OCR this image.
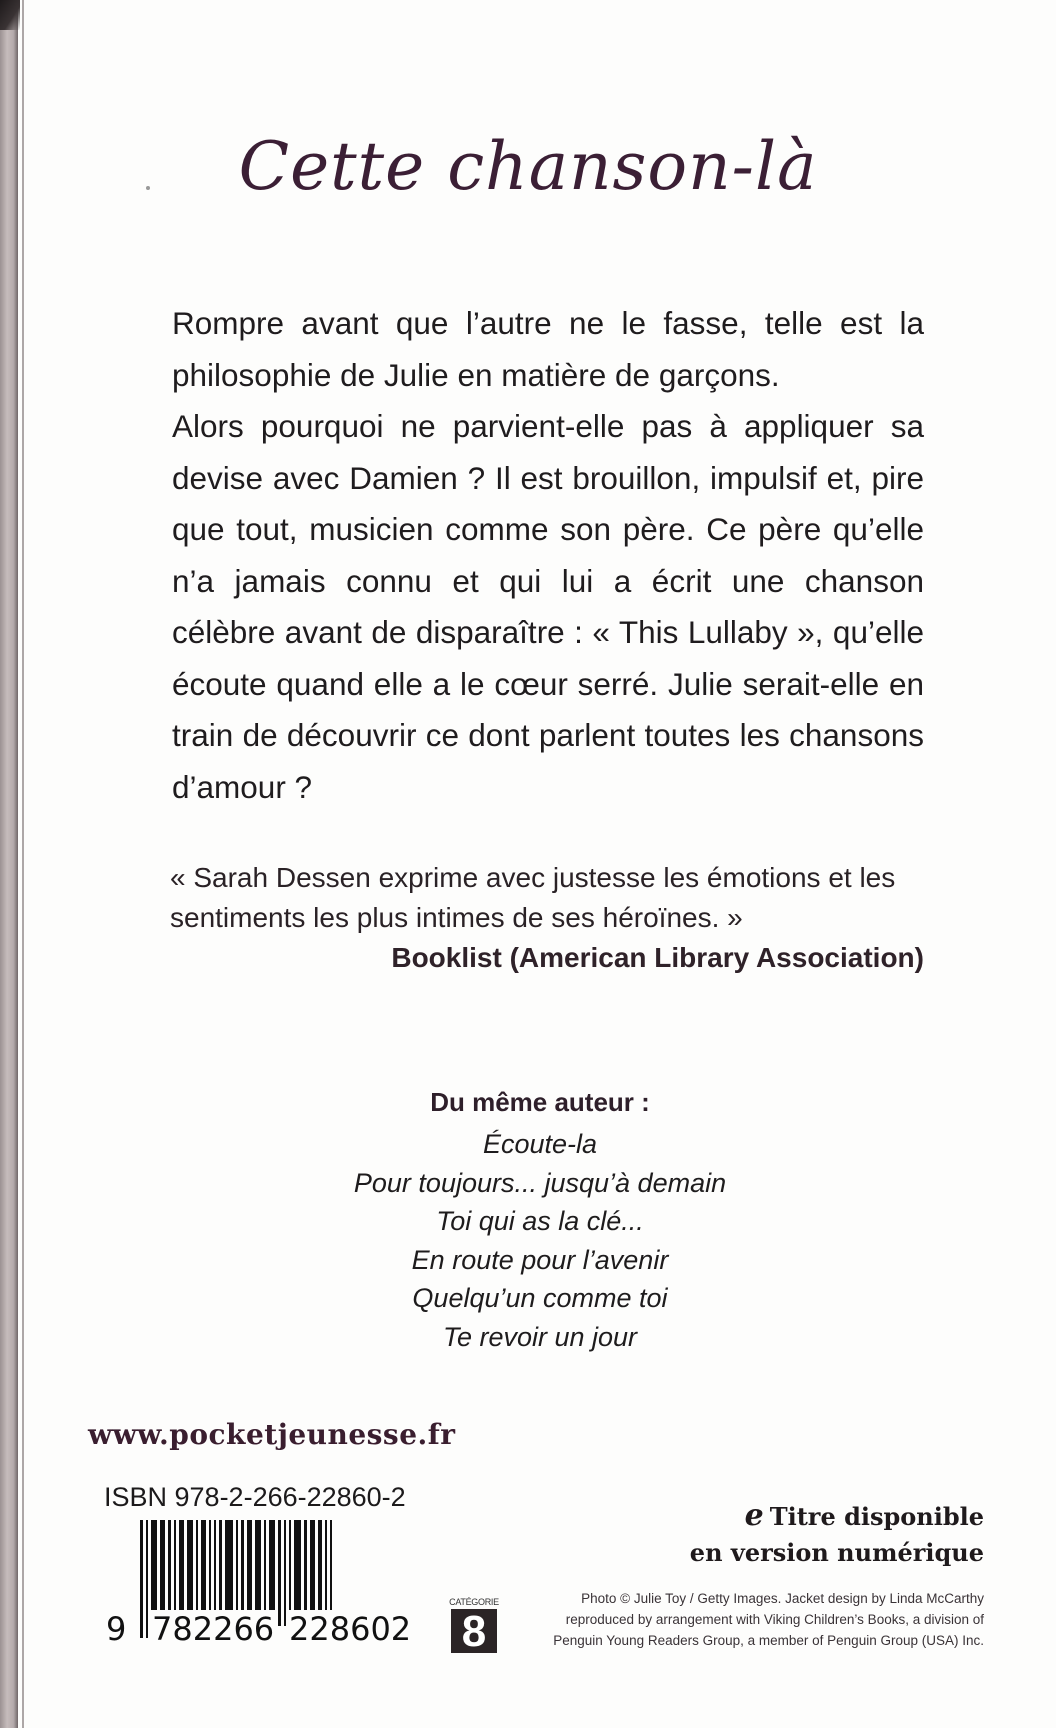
Cette chanson-là

Rompre avant que l’autre ne le fasse, telle est la philosophie de Julie en matière de garçons.

Alors pourquoi ne parvient-elle pas à appliquer sa devise avec Damien ? Il est brouillon, impulsif et, pire que tout, musicien comme son père. Ce père qu’elle n’a jamais connu et qui lui a écrit une chanson célèbre avant de disparaître : « This Lullaby », qu’elle écoute quand elle a le cœur serré. Julie serait-elle en train de découvrir ce dont parlent toutes les chansons d’amour ?

« Sarah Dessen exprime avec justesse les émotions et les sentiments les plus intimes de ses héroïnes. »
Booklist (American Library Association)
Du même auteur :
Écoute-la
Pour toujours... jusqu’à demain
Toi qui as la clé...
En route pour l’avenir
Quelqu’un comme toi
Te revoir un jour
www.pocketjeunesse.fr
ISBN 978-2-266-22860-2
9 782266 228602
CATÉGORIE
8
e Titre disponible
en version numérique
Photo © Julie Toy / Getty Images. Jacket design by Linda McCarthy reproduced by arrangement with Viking Children’s Books, a division of Penguin Young Readers Group, a member of Penguin Group (USA) Inc.
